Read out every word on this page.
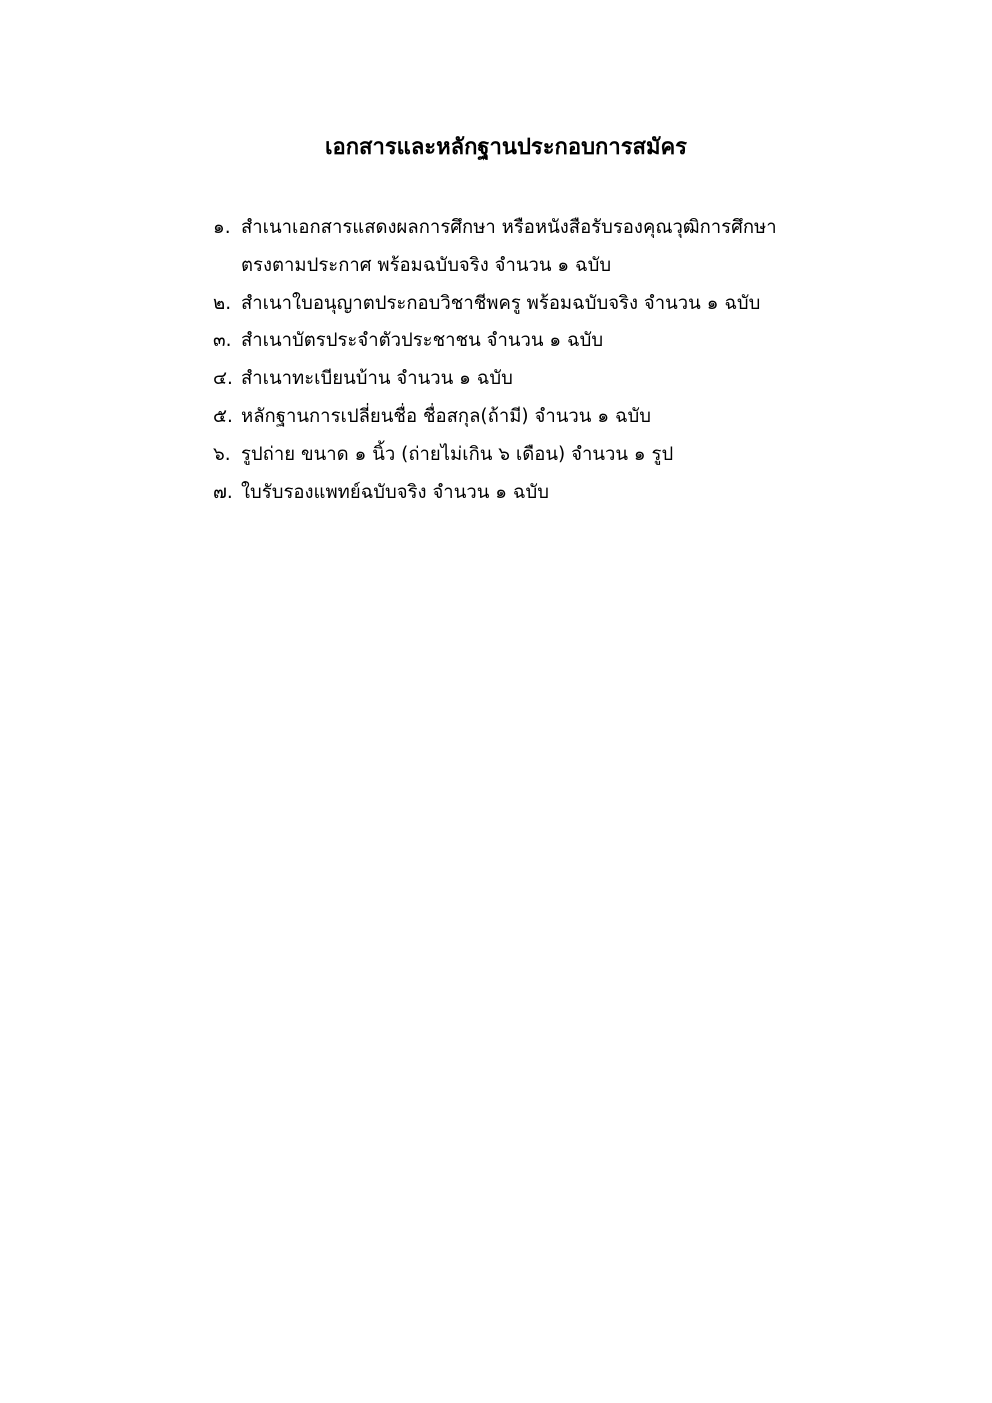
เอกสารและหลักฐานประกอบการสมัคร
๑. สำเนาเอกสารแสดงผลการศึกษา หรือหนังสือรับรองคุณวุฒิการศึกษา
ตรงตามประกาศ พร้อมฉบับจริง จำนวน ๑ ฉบับ
๒. สำเนาใบอนุญาตประกอบวิชาชีพครู พร้อมฉบับจริง จำนวน ๑ ฉบับ
๓. สำเนาบัตรประจำตัวประชาชน จำนวน ๑ ฉบับ
๔. สำเนาทะเบียนบ้าน จำนวน ๑ ฉบับ
๕. หลักฐานการเปลี่ยนชื่อ ชื่อสกุล(ถ้ามี) จำนวน ๑ ฉบับ
๖. รูปถ่าย ขนาด ๑ นิ้ว (ถ่ายไม่เกิน ๖ เดือน) จำนวน ๑ รูป
๗. ใบรับรองแพทย์ฉบับจริง จำนวน ๑ ฉบับ
